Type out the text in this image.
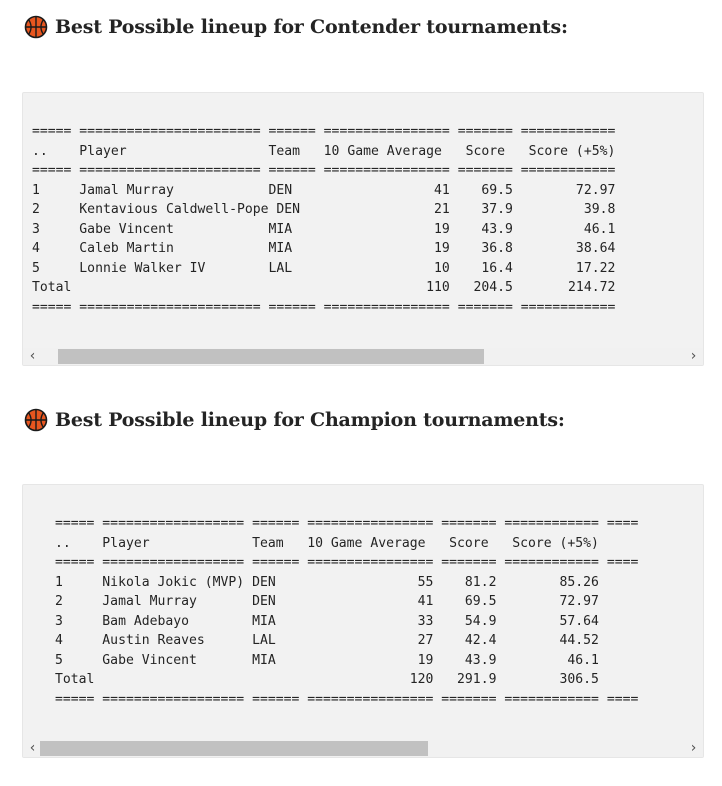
Best Possible lineup for Contender tournaments:
===== ======================= ====== ================ ======= ============
..    Player                  Team   10 Game Average   Score   Score (+5%)
===== ======================= ====== ================ ======= ============
1     Jamal Murray            DEN                  41    69.5        72.97
2     Kentavious Caldwell-Pope DEN                 21    37.9         39.8
3     Gabe Vincent            MIA                  19    43.9         46.1
4     Caleb Martin            MIA                  19    36.8        38.64
5     Lonnie Walker IV        LAL                  10    16.4        17.22
Total                                             110   204.5       214.72
===== ======================= ====== ================ ======= ============
‹	›
Best Possible lineup for Champion tournaments:
===== ================== ====== ================ ======= ============ ====
..    Player             Team   10 Game Average   Score   Score (+5%)
===== ================== ====== ================ ======= ============ ====
1     Nikola Jokic (MVP) DEN                  55    81.2        85.26
2     Jamal Murray       DEN                  41    69.5        72.97
3     Bam Adebayo        MIA                  33    54.9        57.64
4     Austin Reaves      LAL                  27    42.4        44.52
5     Gabe Vincent       MIA                  19    43.9         46.1
Total                                        120   291.9        306.5
===== ================== ====== ================ ======= ============ ====
‹	›
